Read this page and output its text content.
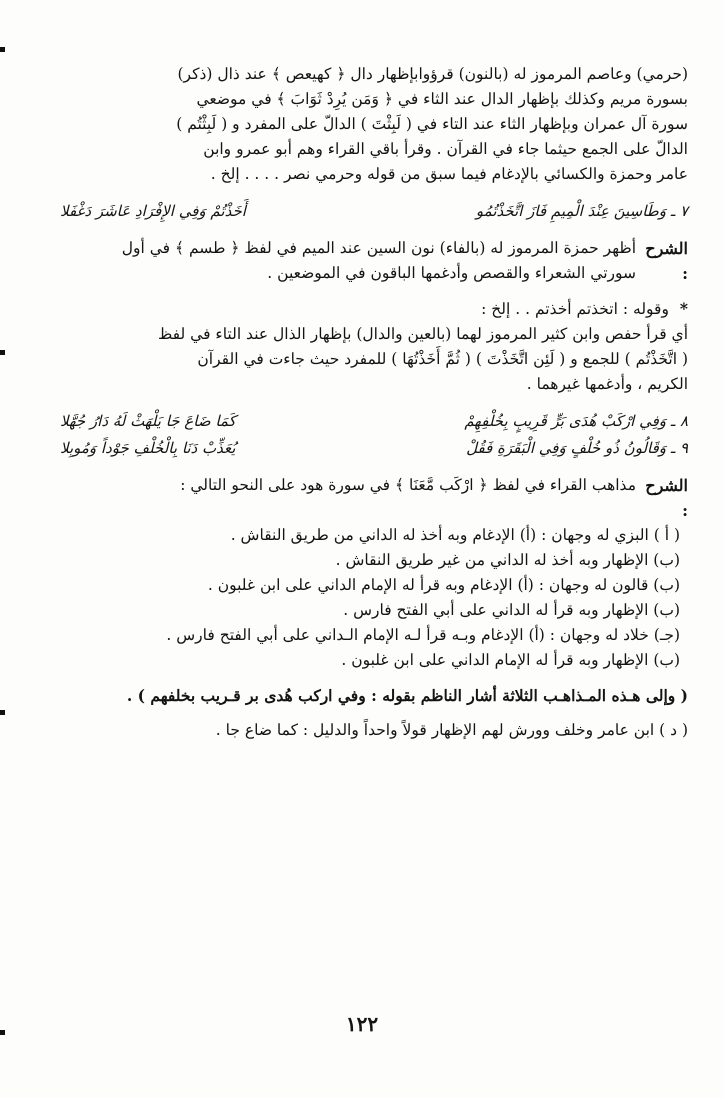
(حرمي) وعاصم المرموز له (بالنون) قرؤوابإظهار دال ﴿ كهيعص ﴾ عند ذال (ذكر)

بسورة مريم وكذلك بإظهار الدال عند الثاء في ﴿ وَمَن يُرِدْ ثَوَابَ ﴾ في موضعي

سورة آل عمران وبإظهار الثاء عند التاء في ( لَبِثْتَ ) الدالّ على المفرد و ( لَبِثْتُم )

الدالّ على الجمع حيثما جاء في القرآن . وقرأ باقي القراء وهم أبو عمرو وابن

عامر وحمزة والكسائي بالإدغام فيما سبق من قوله وحرمي نصر . . . . إلخ .

٧ ـ وَطَاسِينَ عِنْدَ الْمِيمِ فَازَ اتَّخَذْتُمُو
أَخَذْتُمْ وَفِي الإِفْرَادِ عَاشَرَ دَغْفَلا
الشرح :

أظهر حمزة المرموز له (بالفاء) نون السين عند الميم في لفظ ﴿ طسم ﴾ في أول

سورتي الشعراء والقصص وأدغمها الباقون في الموضعين .

* وقوله : اتخذتم أخذتم . . إلخ :

أي قرأ حفص وابن كثير المرموز لهما (بالعين والدال) بإظهار الذال عند التاء في لفظ

( اتَّخَذْتُم ) للجمع و ( لَئِن اتَّخَذْتَ ) ( ثُمَّ أَخَذْتُهَا ) للمفرد حيث جاءت في القرآن

الكريم ، وأدغمها غيرهما .

٨ ـ وَفِي ارْكَبْ هُدَى بَرٍّ قَرِيبٍ بِخُلْفِهِمْ
كَمَا ضَاعَ جَا يَلْهَثْ لَهُ دَارُ جُهَّلا
٩ ـ وَقَالُونُ ذُو خُلْفٍ وَفِي الْبَقَرَةِ فَقُلْ
يُعَذِّبْ دَنَا بِالْخُلْفِ جَوْداً وَمُوبِلا
الشرح :

مذاهب القراء في لفظ ﴿ ارْكَب مَّعَنَا ﴾ في سورة هود على النحو التالي :

( أ ) البزي له وجهان : (أ) الإدغام وبه أخذ له الداني من طريق النقاش .

(ب) الإظهار وبه أخذ له الداني من غير طريق النقاش .

(ب) قالون له وجهان : (أ) الإدغام وبه قرأ له الإمام الداني على ابن غلبون .

(ب) الإظهار وبه قرأ له الداني على أبي الفتح فارس .

(جـ) خلاد له وجهان : (أ) الإدغام وبـه قرأ لـه الإمام الـداني على أبي الفتح فارس .

(ب) الإظهار وبه قرأ له الإمام الداني على ابن غلبون .

( وإلى هـذه المـذاهـب الثلاثة أشار الناظم بقوله : وفي اركب هُدى بر قـريب بخلفهم ) .

( د ) ابن عامر وخلف وورش لهم الإظهار قولاً واحداً والدليل : كما ضاع جا .

١٢٢
